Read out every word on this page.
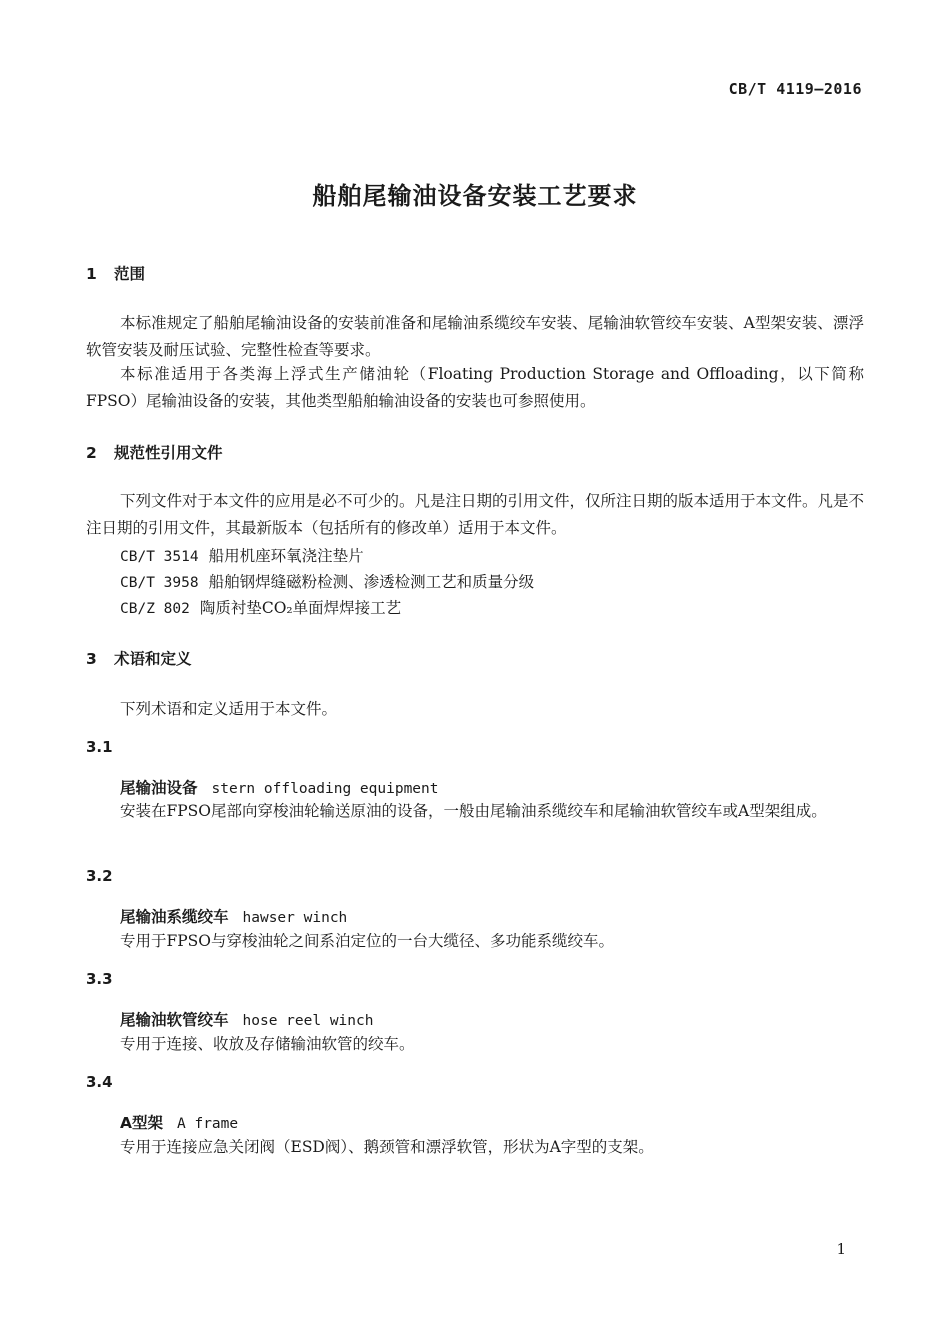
CB/T 4119—2016
船舶尾输油设备安装工艺要求
1 范围
本标准规定了船舶尾输油设备的安装前准备和尾输油系缆绞车安装、尾输油软管绞车安装、A型架安装、漂浮软管安装及耐压试验、完整性检查等要求。
本标准适用于各类海上浮式生产储油轮（Floating Production Storage and Offloading，以下简称FPSO）尾输油设备的安装，其他类型船舶输油设备的安装也可参照使用。
2 规范性引用文件
下列文件对于本文件的应用是必不可少的。凡是注日期的引用文件，仅所注日期的版本适用于本文件。凡是不注日期的引用文件，其最新版本（包括所有的修改单）适用于本文件。
CB/T 3514 船用机座环氧浇注垫片
CB/T 3958 船舶钢焊缝磁粉检测、渗透检测工艺和质量分级
CB/Z 802 陶质衬垫CO₂单面焊焊接工艺
3 术语和定义
下列术语和定义适用于本文件。
3.1
尾输油设备 stern offloading equipment
安装在FPSO尾部向穿梭油轮输送原油的设备，一般由尾输油系缆绞车和尾输油软管绞车或A型架组成。
3.2
尾输油系缆绞车 hawser winch
专用于FPSO与穿梭油轮之间系泊定位的一台大缆径、多功能系缆绞车。
3.3
尾输油软管绞车 hose reel winch
专用于连接、收放及存储输油软管的绞车。
3.4
A型架 A frame
专用于连接应急关闭阀（ESD阀）、鹅颈管和漂浮软管，形状为A字型的支架。
1
